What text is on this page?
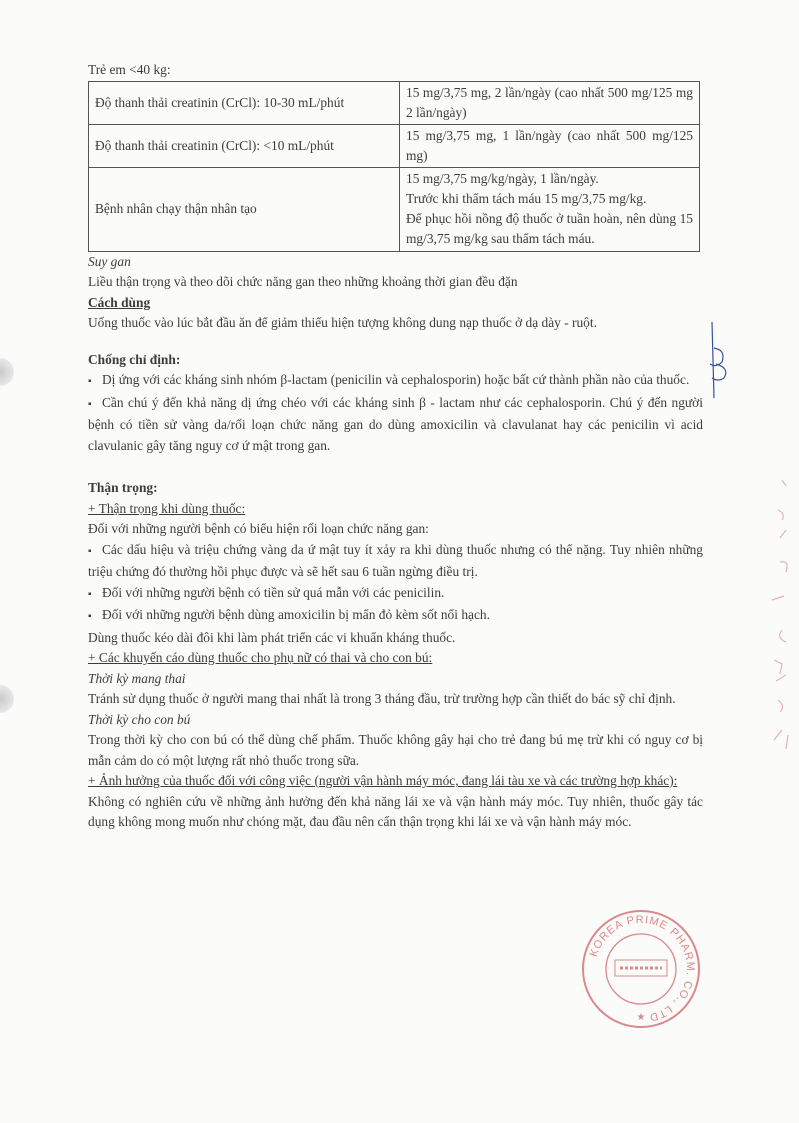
Trẻ em <40 kg:

Độ thanh thải creatinin (CrCl): 10-30 mL/phút	15 mg/3,75 mg, 2 lần/ngày (cao nhất 500 mg/125 mg 2 lần/ngày)
Độ thanh thải creatinin (CrCl): <10 mL/phút	15 mg/3,75 mg, 1 lần/ngày (cao nhất 500 mg/125 mg)
Bệnh nhân chạy thận nhân tạo	15 mg/3,75 mg/kg/ngày, 1 lần/ngày.
Trước khi thẩm tách máu 15 mg/3,75 mg/kg.
Để phục hồi nồng độ thuốc ở tuần hoàn, nên dùng 15 mg/3,75 mg/kg sau thẩm tách máu.

Suy gan

Liều thận trọng và theo dõi chức năng gan theo những khoảng thời gian đều đặn

Cách dùng

Uống thuốc vào lúc bắt đầu ăn để giảm thiểu hiện tượng không dung nạp thuốc ở dạ dày - ruột.

Chống chỉ định:

▪ Dị ứng với các kháng sinh nhóm β-lactam (penicilin và cephalosporin) hoặc bất cứ thành phần nào của thuốc.

▪ Cần chú ý đến khả năng dị ứng chéo với các kháng sinh β - lactam như các cephalosporin. Chú ý đến người bệnh có tiền sử vàng da/rối loạn chức năng gan do dùng amoxicilin và clavulanat hay các penicilin vì acid clavulanic gây tăng nguy cơ ứ mật trong gan.

Thận trọng:

+ Thận trọng khi dùng thuốc:

Đối với những người bệnh có biểu hiện rối loạn chức năng gan:

▪ Các dấu hiệu và triệu chứng vàng da ứ mật tuy ít xảy ra khi dùng thuốc nhưng có thể nặng. Tuy nhiên những triệu chứng đó thường hồi phục được và sẽ hết sau 6 tuần ngừng điều trị.

▪ Đối với những người bệnh có tiền sử quá mẫn với các penicilin.

▪ Đối với những người bệnh dùng amoxicilin bị mẩn đỏ kèm sốt nổi hạch.

Dùng thuốc kéo dài đôi khi làm phát triển các vi khuẩn kháng thuốc.

+ Các khuyến cáo dùng thuốc cho phụ nữ có thai và cho con bú:

Thời kỳ mang thai

Tránh sử dụng thuốc ở người mang thai nhất là trong 3 tháng đầu, trừ trường hợp cần thiết do bác sỹ chỉ định.

Thời kỳ cho con bú

Trong thời kỳ cho con bú có thể dùng chế phẩm. Thuốc không gây hại cho trẻ đang bú mẹ trừ khi có nguy cơ bị mẫn cảm do có một lượng rất nhỏ thuốc trong sữa.

+ Ảnh hưởng của thuốc đối với công việc (người vận hành máy móc, đang lái tàu xe và các trường hợp khác):

Không có nghiên cứu về những ảnh hưởng đến khả năng lái xe và vận hành máy móc. Tuy nhiên, thuốc gây tác dụng không mong muốn như chóng mặt, đau đầu nên cẩn thận trọng khi lái xe và vận hành máy móc.

KOREA PRIME PHARM. CO., LTD
★
